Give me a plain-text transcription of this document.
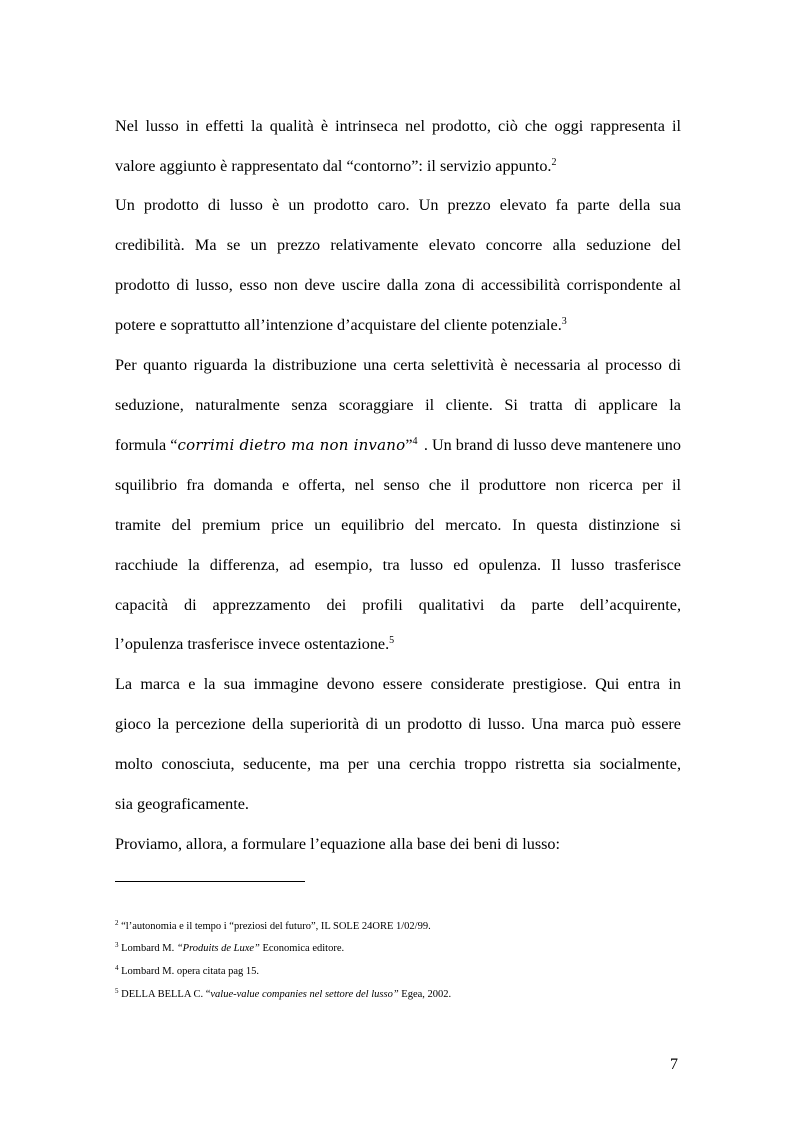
Nel lusso in effetti la qualità è intrinseca nel prodotto, ciò che oggi rappresenta il
valore aggiunto è rappresentato dal “contorno”: il servizio appunto.$^2$
Un prodotto di lusso è un prodotto caro. Un prezzo elevato fa parte della sua
credibilità. Ma se un prezzo relativamente elevato concorre alla seduzione del
prodotto di lusso, esso non deve uscire dalla zona di accessibilità corrispondente al
potere e soprattutto all’intenzione d’acquistare del cliente potenziale.$^3$
Per quanto riguarda la distribuzione una certa selettività è necessaria al processo di
seduzione, naturalmente senza scoraggiare il cliente. Si tratta di applicare la
formula “corrimi dietro ma non invano”$^4$ . Un brand di lusso deve mantenere uno
squilibrio fra domanda e offerta, nel senso che il produttore non ricerca per il
tramite del premium price un equilibrio del mercato. In questa distinzione si
racchiude la differenza, ad esempio, tra lusso ed opulenza. Il lusso trasferisce
capacità di apprezzamento dei profili qualitativi da parte dell’acquirente,
l’opulenza trasferisce invece ostentazione.$^5$
La marca e la sua immagine devono essere considerate prestigiose. Qui entra in
gioco la percezione della superiorità di un prodotto di lusso. Una marca può essere
molto conosciuta, seducente, ma per una cerchia troppo ristretta sia socialmente,
sia geograficamente.
Proviamo, allora, a formulare l’equazione alla base dei beni di lusso:
$^2$ “l’autonomia e il tempo i “preziosi del futuro”, IL SOLE 24ORE 1/02/99.
$^3$ Lombard M. “Produits de Luxe” Economica editore.
$^4$ Lombard M. opera citata pag 15.
$^5$ DELLA BELLA C. “value-value companies nel settore del lusso” Egea, 2002.
7
